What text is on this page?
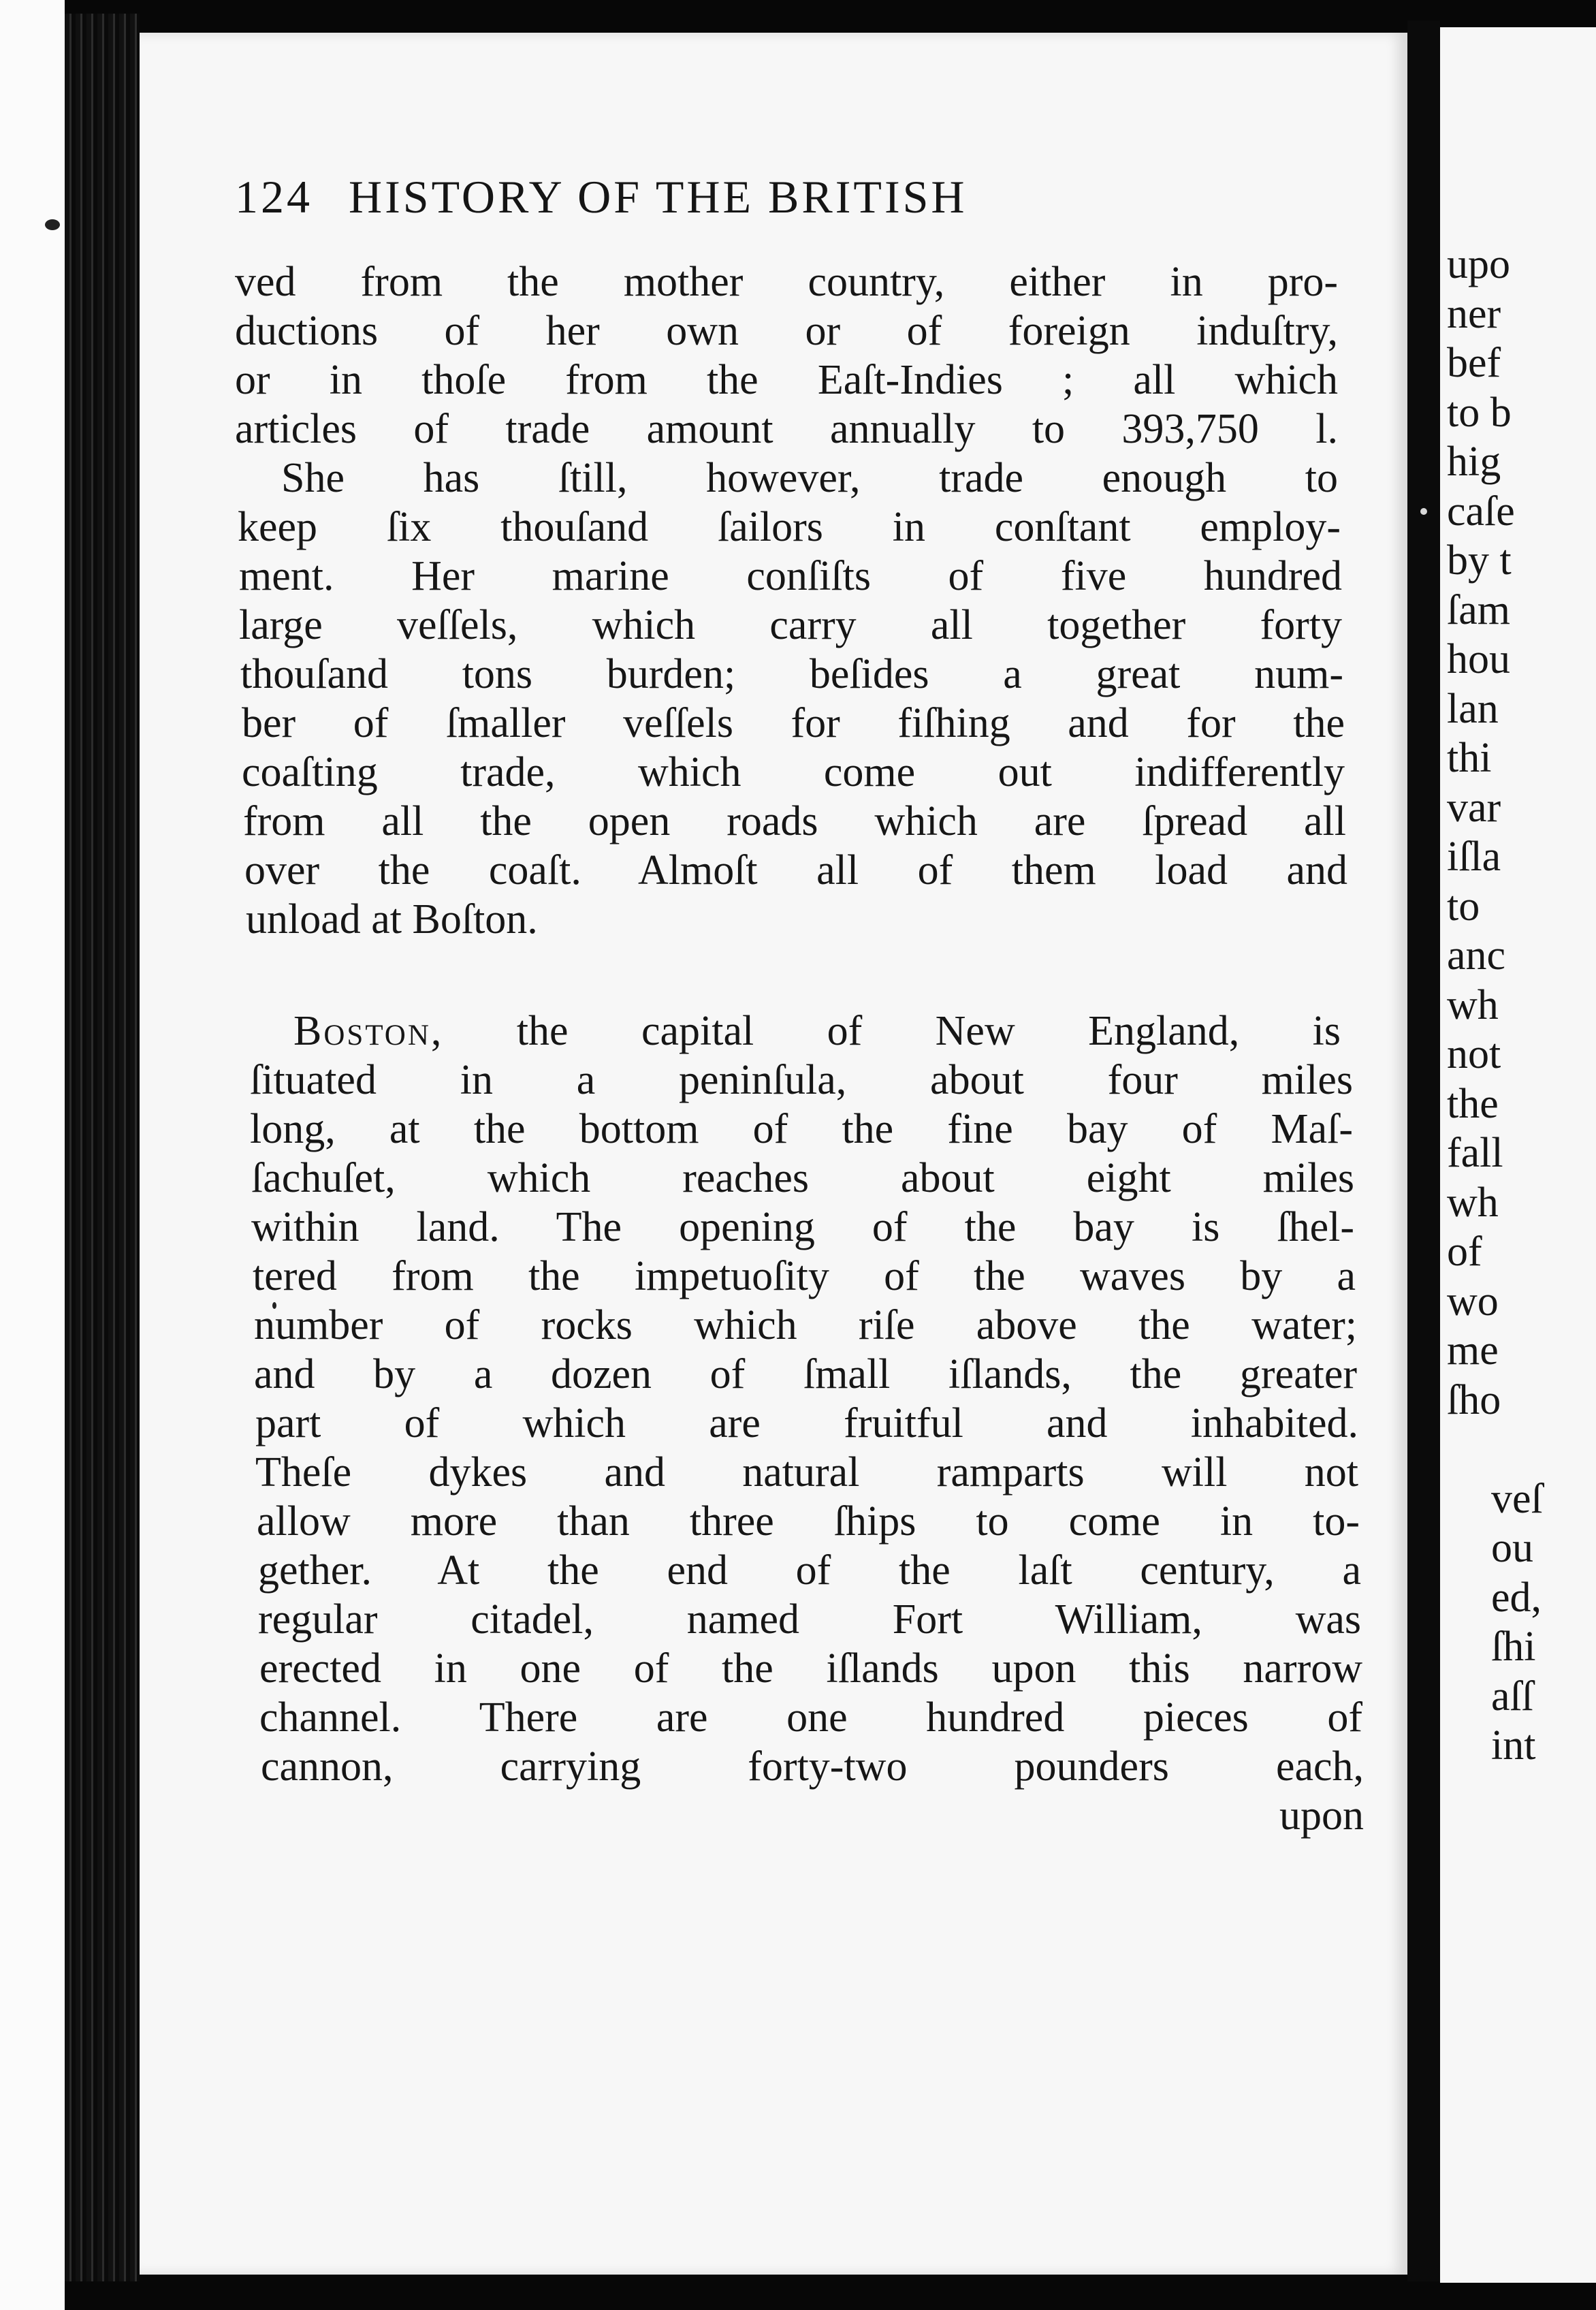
upo
ner
bef
to b
hig
caſe
by t
ſam
hou
lan
thi
var
iſla
to
anc
wh
not
the
fall
wh
of
wo
me
ſho
veſ
ou
ed,
ſhi
aſſ
int
124 HISTORY OF THE BRITISH
ved from the mother country, either in pro-
ductions of her own or of foreign induſtry,
or in thoſe from the Eaſt-Indies ; all which
articles of trade amount annually to 393,750 l.
She has ſtill, however, trade enough to
keep ſix thouſand ſailors in conſtant employ-
ment. Her marine conſiſts of five hundred
large veſſels, which carry all together forty
thouſand tons burden; beſides a great num-
ber of ſmaller veſſels for fiſhing and for the
coaſting trade, which come out indifferently
from all the open roads which are ſpread all
over the coaſt. Almoſt all of them load and
unload at Boſton.
Boston, the capital of New England, is
ſituated in a peninſula, about four miles
long, at the bottom of the fine bay of Maſ-
ſachuſet, which reaches about eight miles
within land. The opening of the bay is ſhel-
tered from the impetuoſity of the waves by a
number of rocks which riſe above the water;
and by a dozen of ſmall iſlands, the greater
part of which are fruitful and inhabited.
Theſe dykes and natural ramparts will not
allow more than three ſhips to come in to-
gether. At the end of the laſt century, a
regular citadel, named Fort William, was
erected in one of the iſlands upon this narrow
channel. There are one hundred pieces of
cannon, carrying forty-two pounders each,
upon
